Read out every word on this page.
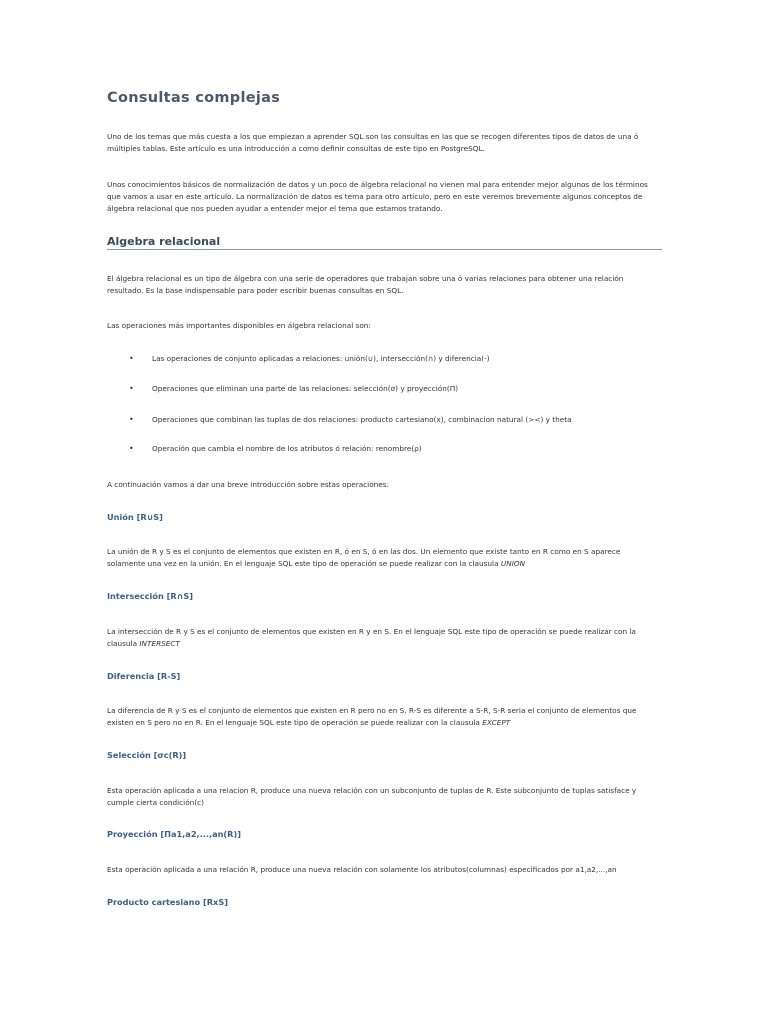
Consultas complejas

Uno de los temas que más cuesta a los que empiezan a aprender SQL son las consultas en las que se recogen diferentes tipos de datos de una ó múltiples tablas. Este artículo es una introducción a como definir consultas de este tipo en PostgreSQL.

Unos conocimientos básicos de normalización de datos y un poco de álgebra relacional no vienen mal para entender mejor algunos de los términos que vamos a usar en este artículo. La normalización de datos es tema para otro artículo, pero en este veremos brevemente algunos conceptos de álgebra relacional que nos pueden ayudar a entender mejor el tema que estamos tratando.

Algebra relacional

El álgebra relacional es un tipo de álgebra con una serie de operadores que trabajan sobre una ó varias relaciones para obtener una relación resultado. Es la base indispensable para poder escribir buenas consultas en SQL.

Las operaciones más importantes disponibles en álgebra relacional son:

•	Las operaciones de conjunto aplicadas a relaciones: unión(∪), intersección(∩) y diferencia(-)
•	Operaciones que eliminan una parte de las relaciones: selección(σ) y proyección(Π)
•	Operaciones que combinan las tuplas de dos relaciones: producto cartesiano(x), combinacion natural (><) y theta
•	Operación que cambia el nombre de los atributos ó relación: renombre(ρ)

A continuación vamos a dar una breve introducción sobre estas operaciones:

Unión [R∪S]

La unión de R y S es el conjunto de elementos que existen en R, ó en S, ó en las dos. Un elemento que existe tanto en R como en S aparece solamente una vez en la unión. En el lenguaje SQL este tipo de operación se puede realizar con la clausula UNION

Intersección [R∩S]

La intersección de R y S es el conjunto de elementos que existen en R y en S. En el lenguaje SQL este tipo de operación se puede realizar con la clausula INTERSECT

Diferencia [R-S]

La diferencia de R y S es el conjunto de elementos que existen en R pero no en S. R-S es diferente a S-R, S-R seria el conjunto de elementos que existen en S pero no en R. En el lenguaje SQL este tipo de operación se puede realizar con la clausula EXCEPT

Selección [σc(R)]

Esta operación aplicada a una relacion R, produce una nueva relación con un subconjunto de tuplas de R. Este subconjunto de tuplas satisface y cumple cierta condición(c)

Proyección [Πa1,a2,...,an(R)]

Esta operación aplicada a una relación R, produce una nueva relación con solamente los atributos(columnas) especificados por a1,a2,...,an

Producto cartesiano [RxS]
